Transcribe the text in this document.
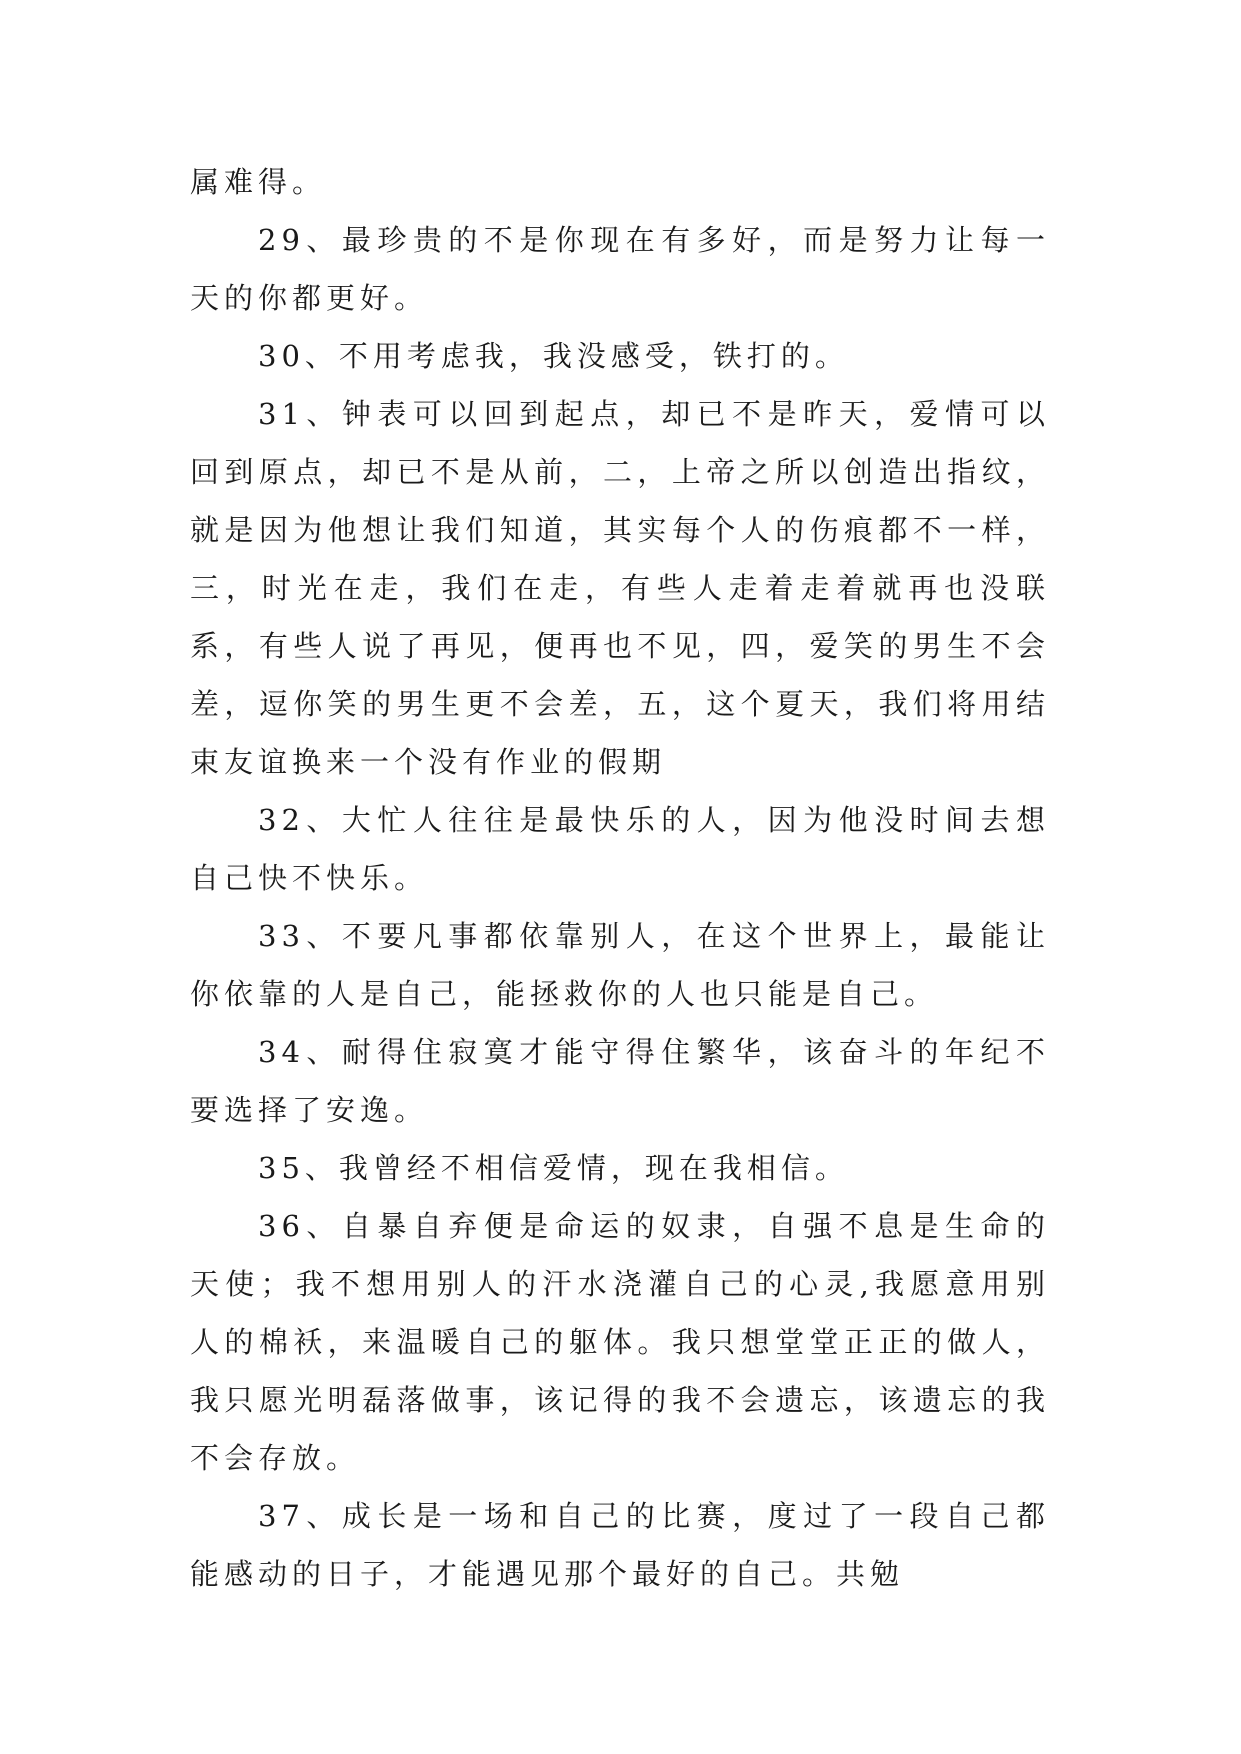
属难得。

29、最珍贵的不是你现在有多好，而是努力让每一天的你都更好。

30、不用考虑我，我没感受，铁打的。

31、钟表可以回到起点，却已不是昨天，爱情可以回到原点，却已不是从前，二，上帝之所以创造出指纹，就是因为他想让我们知道，其实每个人的伤痕都不一样，三，时光在走，我们在走，有些人走着走着就再也没联系，有些人说了再见，便再也不见，四，爱笑的男生不会差，逗你笑的男生更不会差，五，这个夏天，我们将用结束友谊换来一个没有作业的假期

32、大忙人往往是最快乐的人，因为他没时间去想自己快不快乐。

33、不要凡事都依靠别人，在这个世界上，最能让你依靠的人是自己，能拯救你的人也只能是自己。

34、耐得住寂寞才能守得住繁华，该奋斗的年纪不要选择了安逸。

35、我曾经不相信爱情，现在我相信。

36、自暴自弃便是命运的奴隶，自强不息是生命的天使；我不想用别人的汗水浇灌自己的心灵,我愿意用别人的棉袄，来温暖自己的躯体。我只想堂堂正正的做人，我只愿光明磊落做事，该记得的我不会遗忘，该遗忘的我不会存放。

37、成长是一场和自己的比赛，度过了一段自己都能感动的日子，才能遇见那个最好的自己。共勉
